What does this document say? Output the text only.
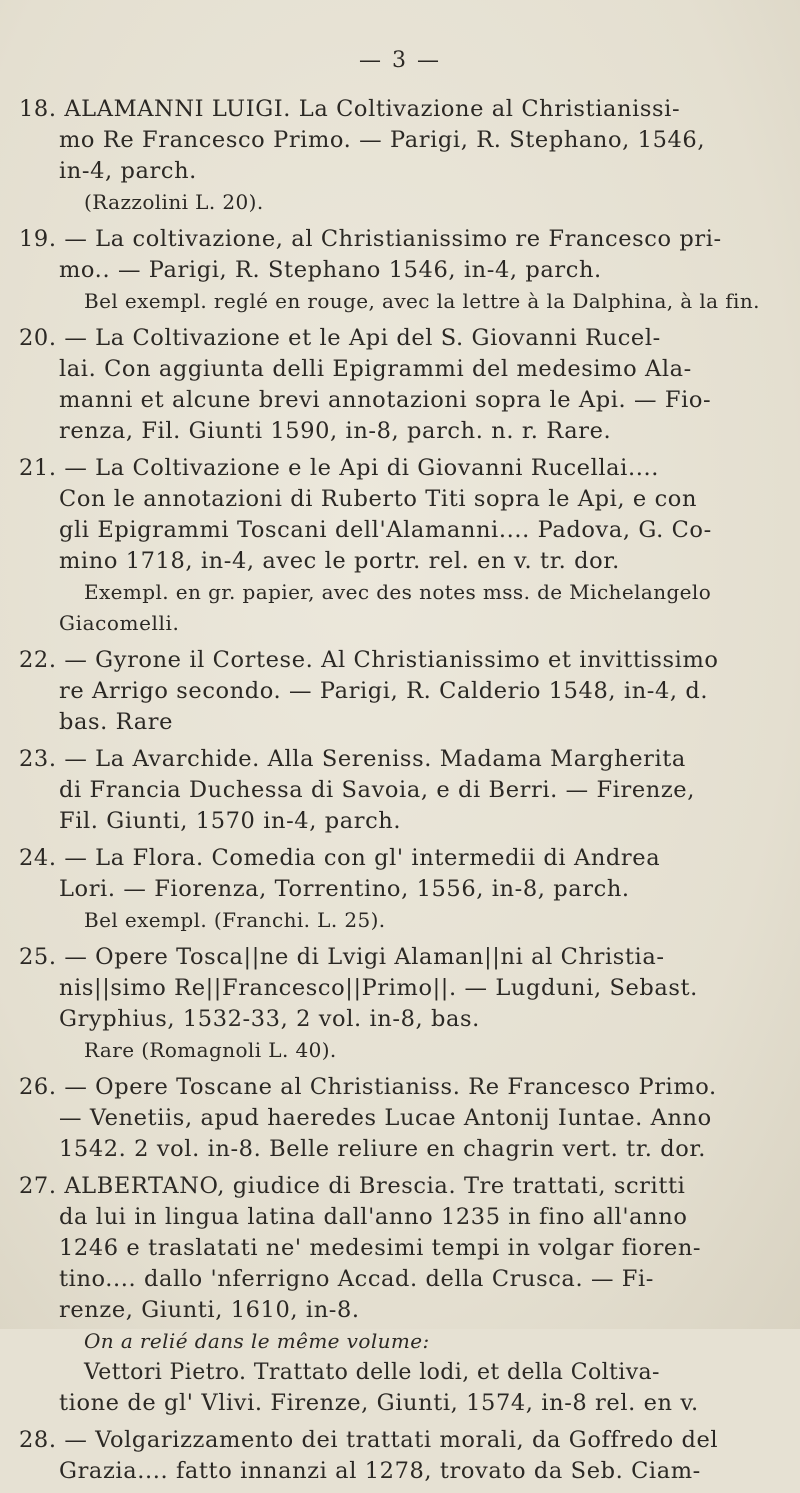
— 3 —
18. ALAMANNI LUIGI. La Coltivazione al Christianissi-
mo Re Francesco Primo. — Parigi, R. Stephano, 1546,
in-4, parch.
(Razzolini L. 20).
19. — La coltivazione, al Christianissimo re Francesco pri-
mo.. — Parigi, R. Stephano 1546, in-4, parch.
Bel exempl. reglé en rouge, avec la lettre à la Dalphina, à la fin.
20. — La Coltivazione et le Api del S. Giovanni Rucel-
lai. Con aggiunta delli Epigrammi del medesimo Ala-
manni et alcune brevi annotazioni sopra le Api. — Fio-
renza, Fil. Giunti 1590, in-8, parch. n. r. Rare.
21. — La Coltivazione e le Api di Giovanni Rucellai....
Con le annotazioni di Ruberto Titi sopra le Api, e con
gli Epigrammi Toscani dell'Alamanni.... Padova, G. Co-
mino 1718, in-4, avec le portr. rel. en v. tr. dor.
Exempl. en gr. papier, avec des notes mss. de Michelangelo
Giacomelli.
22. — Gyrone il Cortese. Al Christianissimo et invittissimo
re Arrigo secondo. — Parigi, R. Calderio 1548, in-4, d.
bas. Rare
23. — La Avarchide. Alla Sereniss. Madama Margherita
di Francia Duchessa di Savoia, e di Berri. — Firenze,
Fil. Giunti, 1570 in-4, parch.
24. — La Flora. Comedia con gl' intermedii di Andrea
Lori. — Fiorenza, Torrentino, 1556, in-8, parch.
Bel exempl. (Franchi. L. 25).
25. — Opere Tosca||ne di Lvigi Alaman||ni al Christia-
nis||simo Re||Francesco||Primo||. — Lugduni, Sebast.
Gryphius, 1532-33, 2 vol. in-8, bas.
Rare (Romagnoli L. 40).
26. — Opere Toscane al Christianiss. Re Francesco Primo.
— Venetiis, apud haeredes Lucae Antonij Iuntae. Anno
1542. 2 vol. in-8. Belle reliure en chagrin vert. tr. dor.
27. ALBERTANO, giudice di Brescia. Tre trattati, scritti
da lui in lingua latina dall'anno 1235 in fino all'anno
1246 e traslatati ne' medesimi tempi in volgar fioren-
tino.... dallo 'nferrigno Accad. della Crusca. — Fi-
renze, Giunti, 1610, in-8.
On a relié dans le même volume:
Vettori Pietro. Trattato delle lodi, et della Coltiva-
tione de gl' Vlivi. Firenze, Giunti, 1574, in-8 rel. en v.
28. — Volgarizzamento dei trattati morali, da Goffredo del
Grazia.... fatto innanzi al 1278, trovato da Seb. Ciam-
